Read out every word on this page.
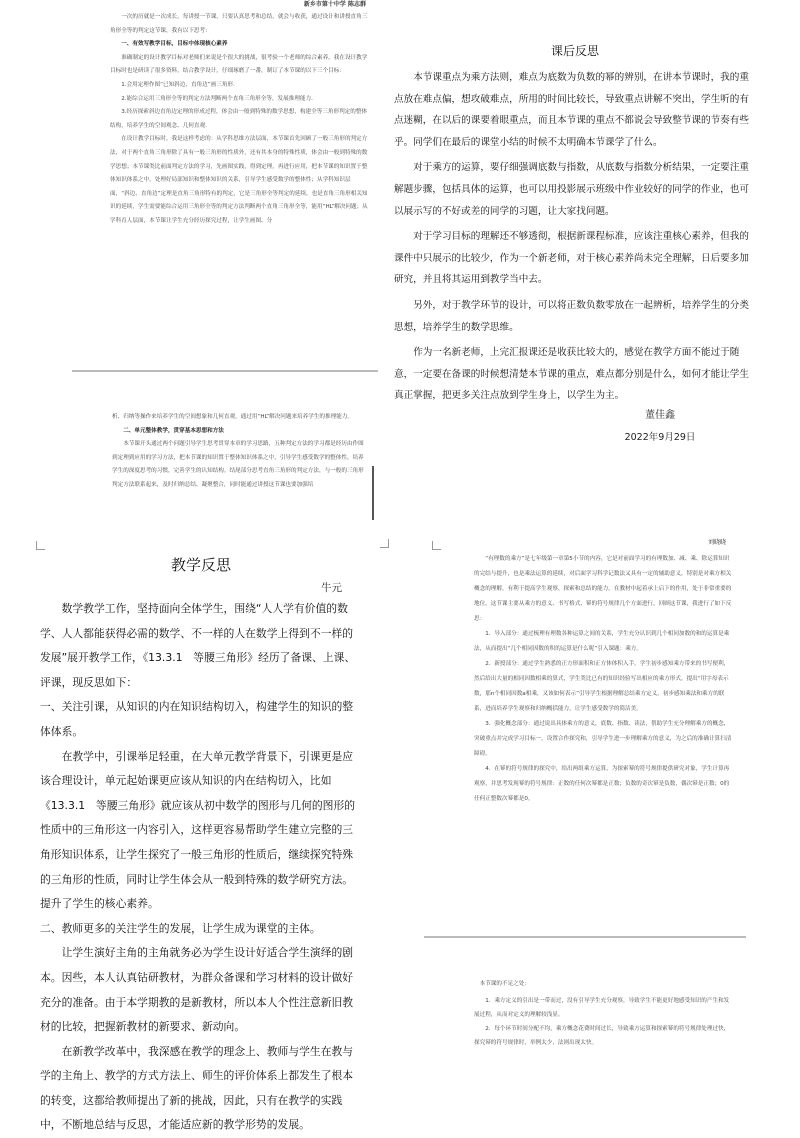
新乡市第十中学 陈志群

一次的历就是一次成长，每讲授一节课，只要认真思考和总结，就会与收获，通过设计和讲授直角三角形全等的判定这节课，我有以下思考：

一、有效写教学目标，目标中体现核心素养

准确制定的设计教学目标对老师们来说是个很大的挑战，很考验一个老师的综合素养，我在设计教学目标时也是研读了很多资料，结合教学设计，仔细琢磨了一番，制订了本节课的以下三个目标：

1.会用定理作图“已知斜边、直角边”画三角形.

2.能综合运用三角形全等的判定方法判断两个直角三角形全等，发展推理能力.

3.经历探索斜边直角边定理的形成过程，体会由一般到特殊的数学思想，构建全等三角形判定的整体结构，培养学生的空间观念、几何直观.

在设计教学目标时，我是这样考虑的：从学科思维方法层面，本节课首先回顾了一般三角形的判定方法，对于两个直角三角形除了具有一般三角形的性质外，还有其本身的特殊性质，体会由一般到特殊的数学思想；本节课类比前面判定方法的学习，先画图实践，得到定理，再进行应用，把本节课的知识置于整体知识体系之中，处理好局部知识和整体知识的关系，引导学生感受数学的整体性；从学科知识层面，“斜边、直角边”定理是直角三角形特有的判定，它是三角形全等判定的延续，也是直角三角形相关知识的延续，学生需要能综合运用三角形全等的判定方法判断两个直角三角形全等，能用“HL”解决问题；从学科育人层面，本节课让学生充分经历探究过程，让学生画图、分

课后反思

本节课重点为乘方法则，难点为底数为负数的幂的辨别，在讲本节课时，我的重点放在难点偏，想攻破难点，所用的时间比较长，导致重点讲解不突出，学生听的有点迷糊，在以后的课要着眼重点，而且本节课的重点不都说会导致整节课的节奏有些乎。同学们在最后的课堂小结的时候不太明确本节课学了什么。

对于乘方的运算，要仔细强调底数与指数，从底数与指数分析结果，一定要注重解题步骤，包括具体的运算，也可以用投影展示班级中作业较好的同学的作业，也可以展示写的不好或差的同学的习题，让大家找问题。

对于学习目标的理解还不够透彻，根据新课程标准，应该注重核心素养，但我的课件中只展示的比较少，作为一个新老师，对于核心素养尚未完全理解，日后要多加研究，并且将其运用到教学当中去。

另外，对于教学环节的设计，可以将正数负数零放在一起辨析，培养学生的分类思想，培养学生的数学思维。

作为一名新老师，上完汇报课还是收获比较大的，感觉在教学方面不能过于随意，一定要在备课的时候想清楚本节课的重点，难点都分别是什么，如何才能让学生真正掌握，把更多关注点放到学生身上，以学生为主。

董佳鑫

2022年9月29日

析、归纳等操作来培养学生的空间想象和几何直观，通过用“HL”解决问题来培养学生的推理能力。

二、单元整体教学，贯穿基本思想和方法

本节课开头通过两个问题引导学生思考贯穿本章的学习思路，五种判定方法的学习都是经历由作图到定理到应用的学习方法，把本节课的知识置于整体知识体系之中，引导学生感受数学的整体性，培养学生的深度思考的习惯，完善学生的认知结构。结尾部分思考直角三角形的判定方法，与一般的三角形判定方法联系起来，及时归纳总结、凝聚整合，同时能通过讲授这节课也要加强培

教学反思

牛元

数学教学工作，坚持面向全体学生，围绕“人人学有价值的数学、人人都能获得必需的数学、不一样的人在数学上得到不一样的发展”展开教学工作，《13.3.1　等腰三角形》经历了备课、上课、评课，现反思如下：

一、关注引课，从知识的内在知识结构切入，构建学生的知识的整体体系。

在教学中，引课举足轻重，在大单元教学背景下，引课更是应该合理设计，单元起始课更应该从知识的内在结构切入，比如《13.3.1　等腰三角形》就应该从初中数学的图形与几何的图形的性质中的三角形这一内容引入，这样更容易帮助学生建立完整的三角形知识体系，让学生探究了一般三角形的性质后，继续探究特殊的三角形的性质，同时让学生体会从一般到特殊的数学研究方法。提升了学生的核心素养。

二、教师更多的关注学生的发展，让学生成为课堂的主体。

让学生演好主角的主角就务必为学生设计好适合学生演绎的剧本。因些，本人认真钻研教材，为群众备课和学习材料的设计做好充分的准备。由于本学期教的是新教材，所以本人个性注意新旧教材的比较，把握新教材的新要求、新动向。

在新教学改革中，我深感在教学的理念上、教师与学生在教与学的主角上、教学的方式方法上、师生的评价体系上都发生了根本的转变，这都给教师提出了新的挑战，因此，只有在教学的实践中，不断地总结与反思，才能适应新的教学形势的发展。

刘晓晓

“有理数的乘方”是七年级第一章第5小节的内容，它是对前面学习的有理数加、减、乘、除运算知识的完结与提升，也是乘法运算的延续，对后面学习科学记数法又具有一定的辅助意义，特别是对乘方相关概念的理解，有利于提高学生观察、探索和总结的能力。在教材中起着承上启下的作用，处于非常重要的地位。这节课主要从乘方的意义、书写格式、幂的符号规律几个方面进行，回顾这节课，我进行了如下反思：

1．导入部分：通过梳理有理数各种运算之间的关系，学生充分认识到几个相同加数的和的运算是乘法，从而提出“几个相同因数的积的运算是什么呢”引入课题：乘方。

2．新授部分：通过学生熟悉的正方形面积和正方体体积入手，学生初步感知乘方带来的书写便利，然后给出大量的相同因数相乘的算式，学生类比已有的知识经验写出相应的乘方形式，提出“用字母表示数，那n个相同因数a相乘，又该如何表示”引导学生根据理解总结乘方定义，初步感知乘法和乘方的联系，进而培养学生观察和归纳概括能力，让学生感受数学的简洁美。

3．强化概念部分：通过说出具体乘方的意义，底数、指数、读法，帮助学生充分理解乘方的概念，突破重点并完成学习目标一，设置合作探究和，引导学生进一步理解乘方的意义，为之后的准确计算扫清障碍。

4．在幂的符号规律的探究中，给出两组乘方运算，为探索幂的符号规律提供研究对象，学生计算再观察，并思考发现幂的符号规律：正数的任何次幂都是正数；负数的奇次幂是负数，偶次幂是正数；0的任何正整数次幂都是0。

本节课的不足之处：

1．乘方定义的引出是一带而过，没有引导学生充分观察，导致学生不能更好地感受知识的产生和发展过程，从而对定义的理解较浅显。

2．每个环节时间分配不均，乘方概念花费时间过长，导致乘方运算和探索幂的符号规律处理过快，探究幂的符号规律时，举例太少，法则出现太快。
